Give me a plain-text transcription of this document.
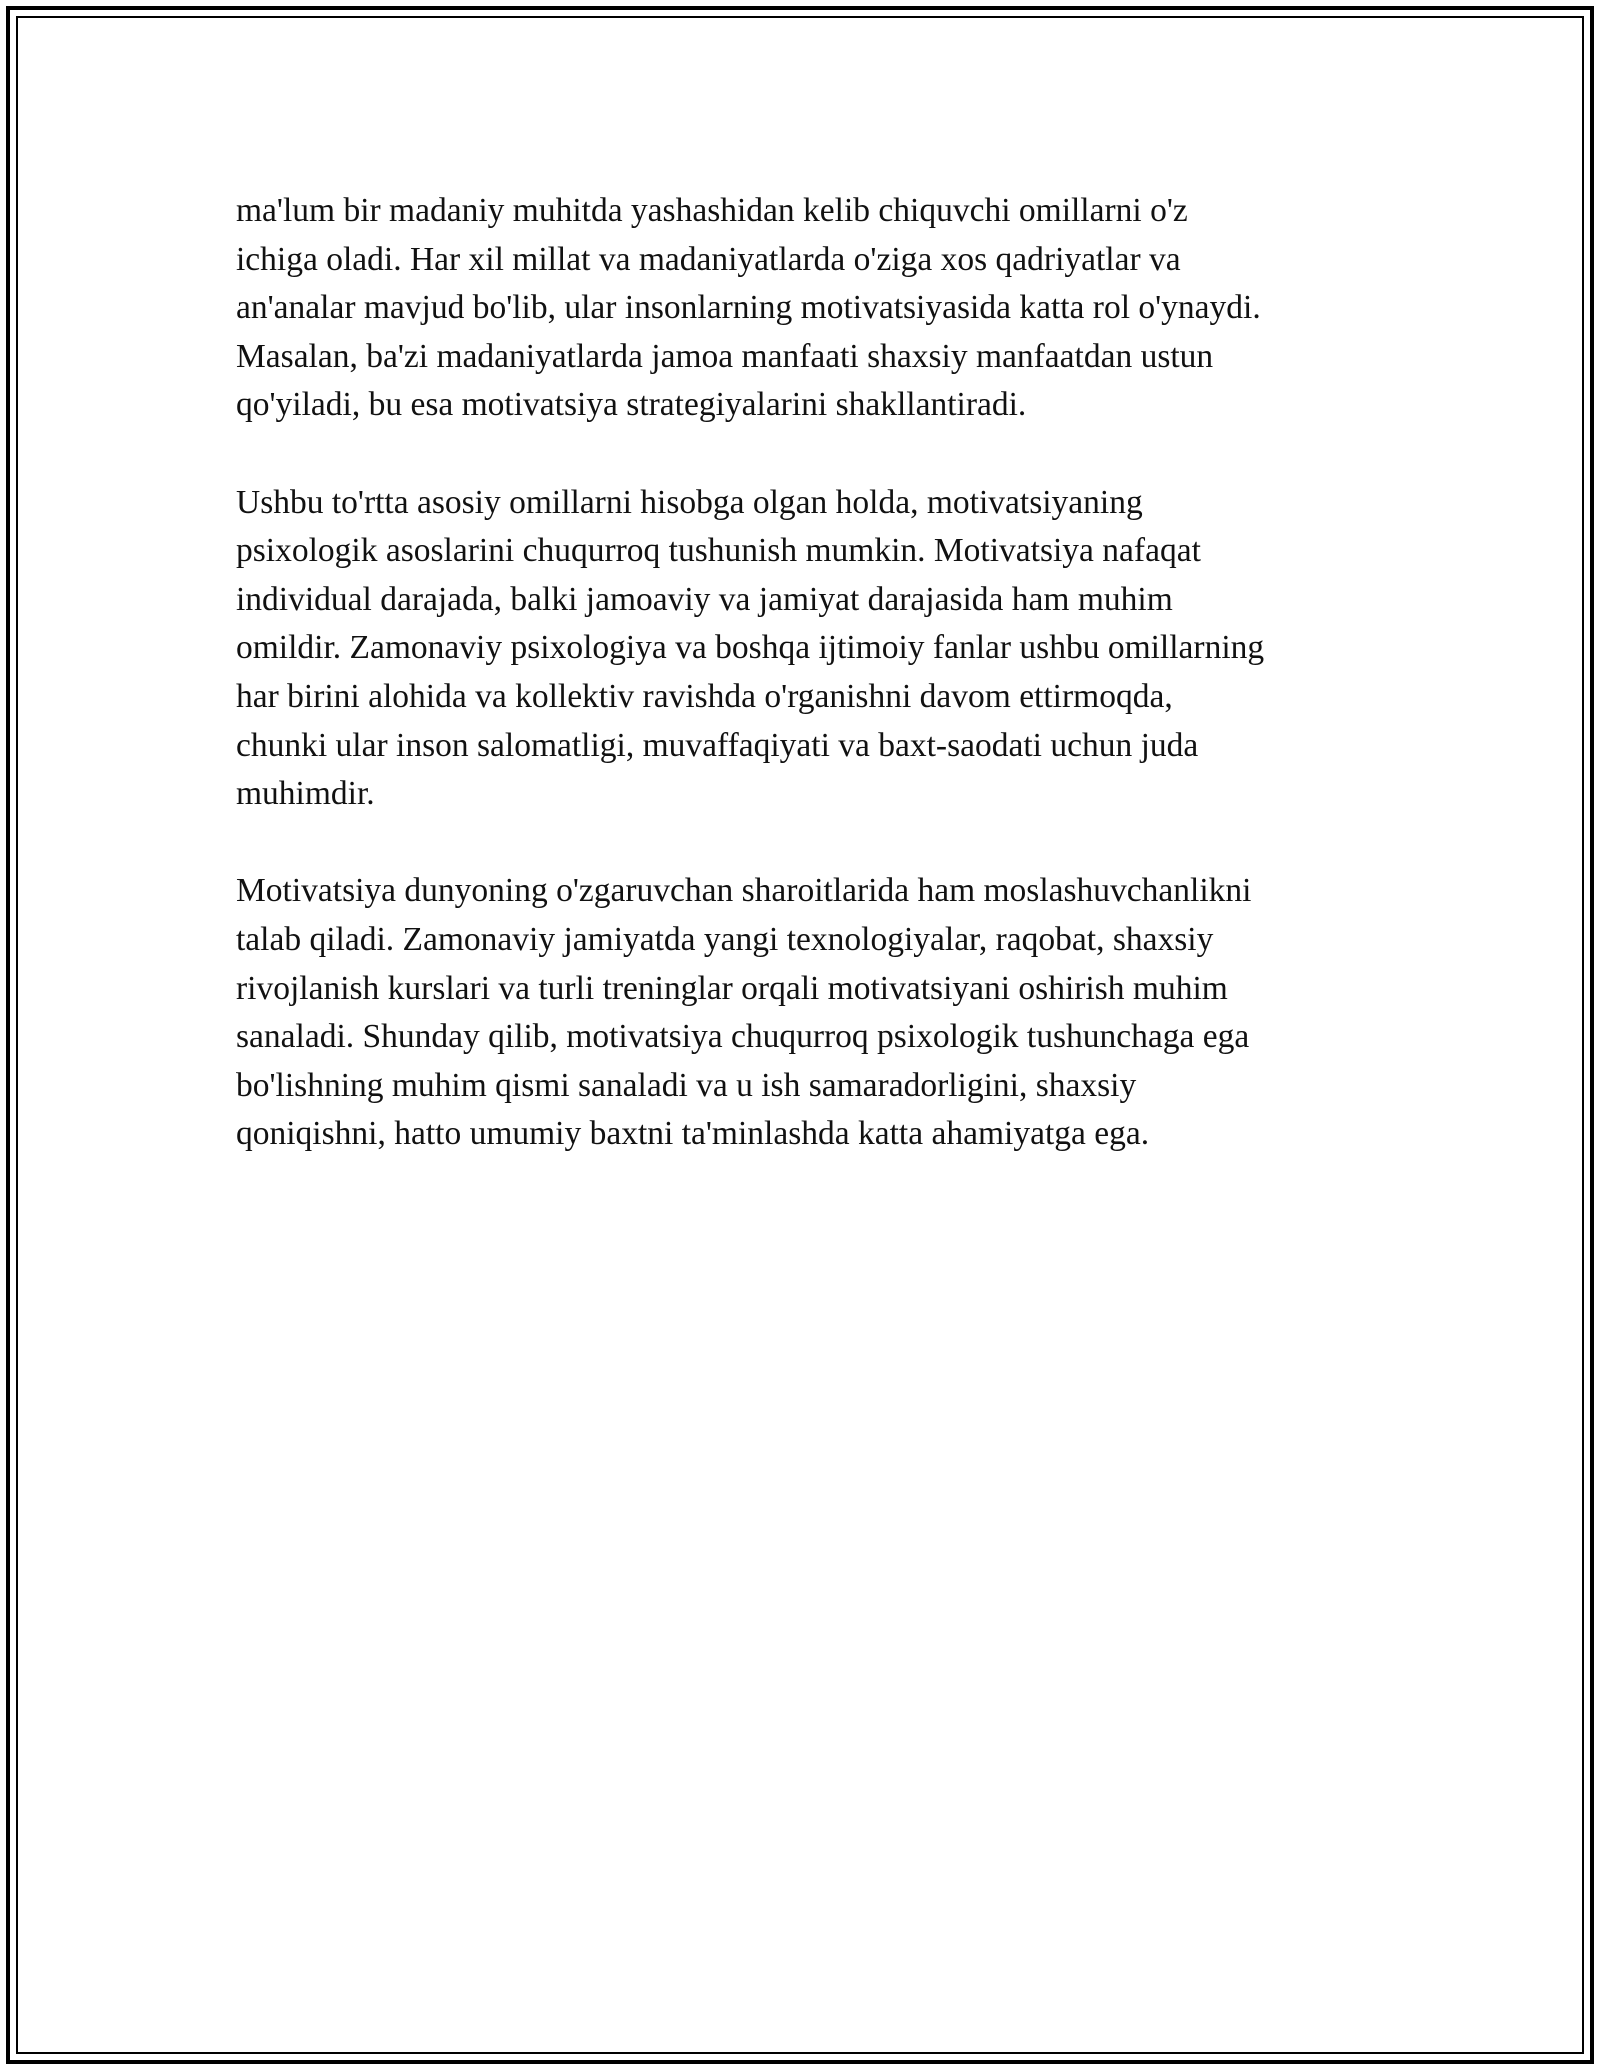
ma'lum bir madaniy muhitda yashashidan kelib chiquvchi omillarni o'z
ichiga oladi. Har xil millat va madaniyatlarda o'ziga xos qadriyatlar va
an'analar mavjud bo'lib, ular insonlarning motivatsiyasida katta rol o'ynaydi.
Masalan, ba'zi madaniyatlarda jamoa manfaati shaxsiy manfaatdan ustun
qo'yiladi, bu esa motivatsiya strategiyalarini shakllantiradi.

Ushbu to'rtta asosiy omillarni hisobga olgan holda, motivatsiyaning
psixologik asoslarini chuqurroq tushunish mumkin. Motivatsiya nafaqat
individual darajada, balki jamoaviy va jamiyat darajasida ham muhim
omildir. Zamonaviy psixologiya va boshqa ijtimoiy fanlar ushbu omillarning
har birini alohida va kollektiv ravishda o'rganishni davom ettirmoqda,
chunki ular inson salomatligi, muvaffaqiyati va baxt-saodati uchun juda
muhimdir.

Motivatsiya dunyoning o'zgaruvchan sharoitlarida ham moslashuvchanlikni
talab qiladi. Zamonaviy jamiyatda yangi texnologiyalar, raqobat, shaxsiy
rivojlanish kurslari va turli treninglar orqali motivatsiyani oshirish muhim
sanaladi. Shunday qilib, motivatsiya chuqurroq psixologik tushunchaga ega
bo'lishning muhim qismi sanaladi va u ish samaradorligini, shaxsiy
qoniqishni, hatto umumiy baxtni ta'minlashda katta ahamiyatga ega.
